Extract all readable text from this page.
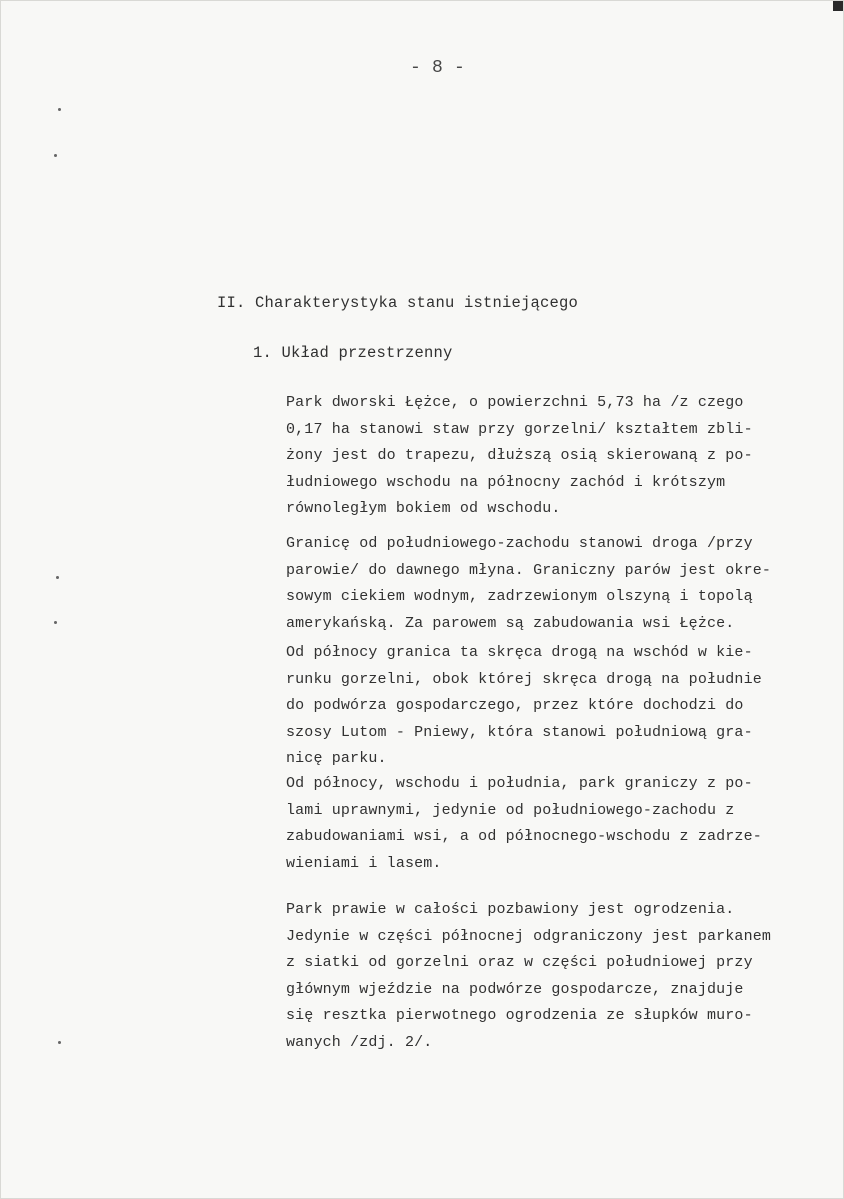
- 8 -
II. Charakterystyka stanu istniejącego
1. Układ przestrzenny
Park dworski Łężce, o powierzchni 5,73 ha /z czego
0,17 ha stanowi staw przy gorzelni/ kształtem zbli-
żony jest do trapezu, dłuższą osią skierowaną z po-
łudniowego wschodu na północny zachód i krótszym
równoległym bokiem od wschodu.
Granicę od południowego-zachodu stanowi droga /przy
parowie/ do dawnego młyna. Graniczny parów jest okre-
sowym ciekiem wodnym, zadrzewionym olszyną i topolą
amerykańską. Za parowem są zabudowania wsi Łężce.
Od północy granica ta skręca drogą na wschód w kie-
runku gorzelni, obok której skręca drogą na południe
do podwórza gospodarczego, przez które dochodzi do
szosy Lutom - Pniewy, która stanowi południową gra-
nicę parku.
Od północy, wschodu i południa, park graniczy z po-
lami uprawnymi, jedynie od południowego-zachodu z
zabudowaniami wsi, a od północnego-wschodu z zadrze-
wieniami i lasem.
Park prawie w całości pozbawiony jest ogrodzenia.
Jedynie w części północnej odgraniczony jest parkanem
z siatki od gorzelni oraz w części południowej przy
głównym wjeździe na podwórze gospodarcze, znajduje
się resztka pierwotnego ogrodzenia ze słupków muro-
wanych /zdj. 2/.
